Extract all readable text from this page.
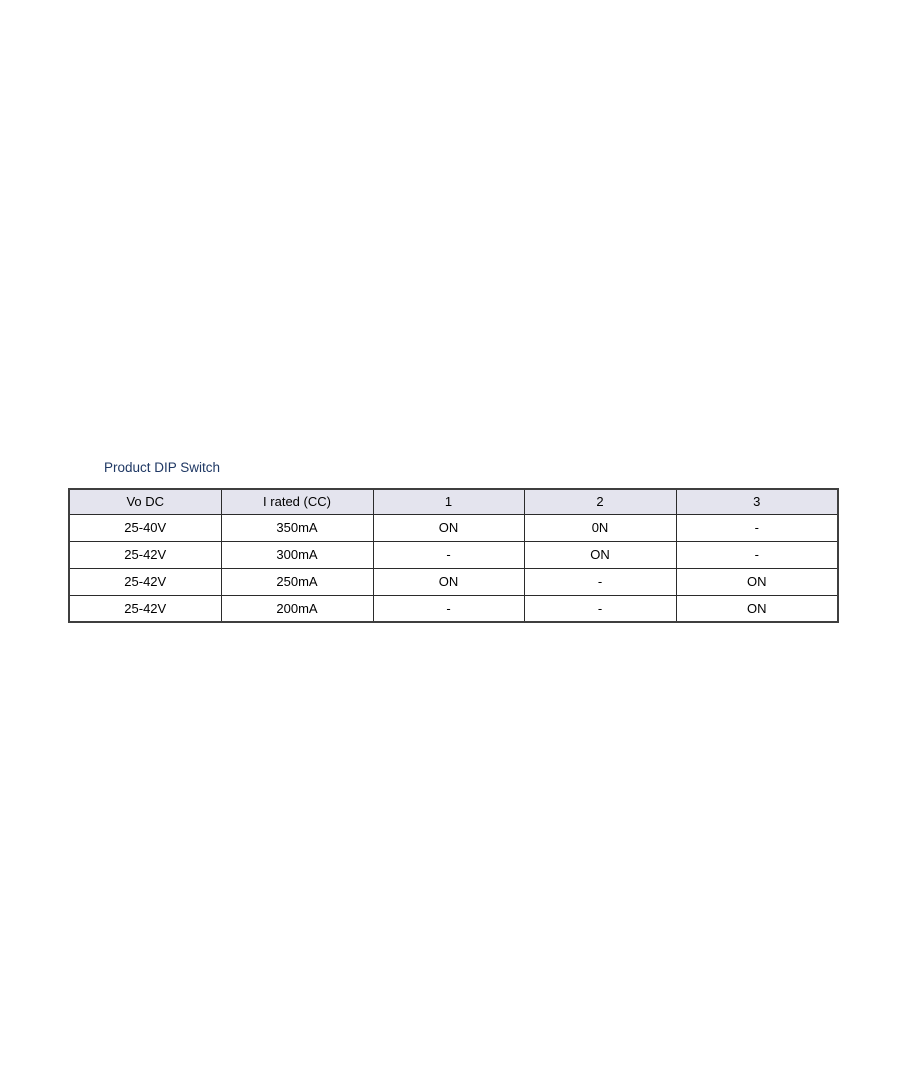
Product DIP Switch
Vo DC	I rated (CC)	1	2	3
25-40V	350mA	ON	0N	-
25-42V	300mA	-	ON	-
25-42V	250mA	ON	-	ON
25-42V	200mA	-	-	ON
